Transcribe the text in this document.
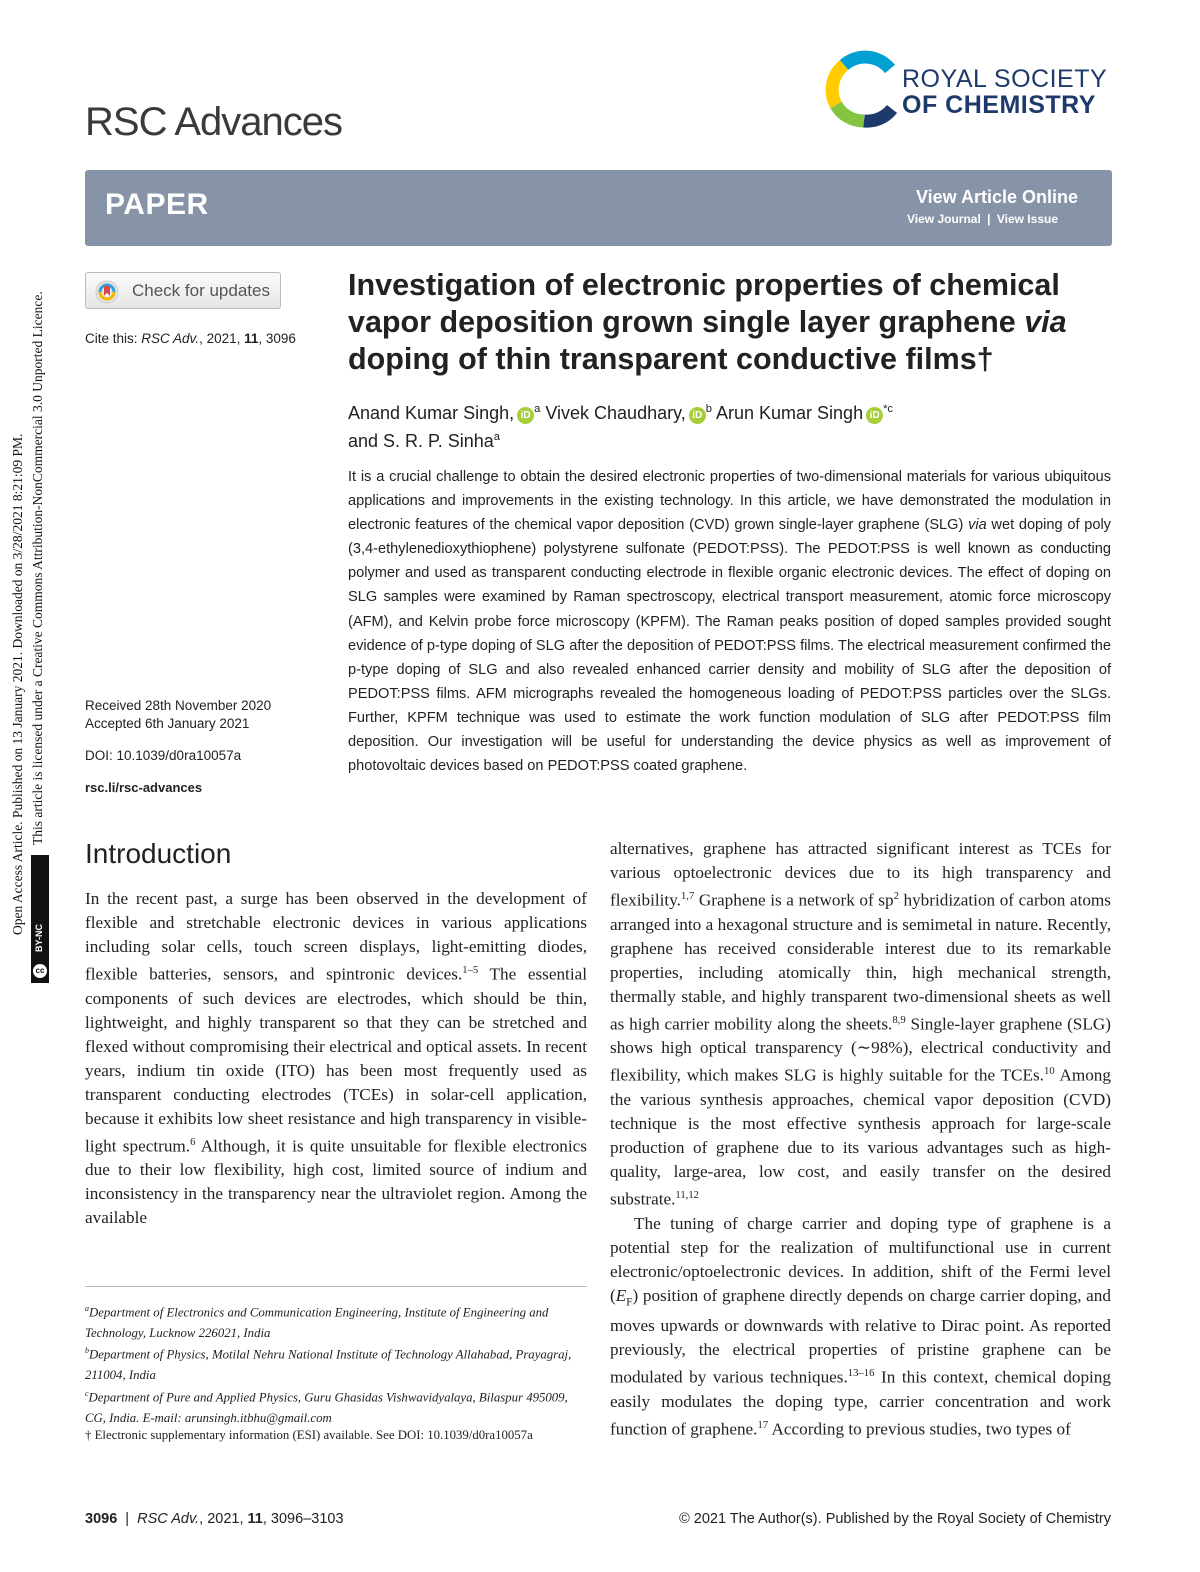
Open Access Article. Published on 13 January 2021. Downloaded on 3/28/2021 8:21:09 PM. This article is licensed under a Creative Commons Attribution-NonCommercial 3.0 Unported Licence.
cc
BY-NC
RSC Advances
ROYAL SOCIETY
OF CHEMISTRY
PAPER	View Article Online
View Journal | View Issue
Check for updates
Cite this: RSC Adv., 2021, 11, 3096
Received 28th November 2020
Accepted 6th January 2021
DOI: 10.1039/d0ra10057a
rsc.li/rsc-advances
Investigation of electronic properties of chemical vapor deposition grown single layer graphene via doping of thin transparent conductive films†
Anand Kumar Singh, $iD^a$ Vivek Chaudhary, $iD^b$ Arun Kumar Singh $iD^{*c}$
and S. R. P. Sinha$^a$
It is a crucial challenge to obtain the desired electronic properties of two-dimensional materials for various ubiquitous applications and improvements in the existing technology. In this article, we have demonstrated the modulation in electronic features of the chemical vapor deposition (CVD) grown single-layer graphene (SLG) via wet doping of poly (3,4-ethylenedioxythiophene) polystyrene sulfonate (PEDOT:PSS). The PEDOT:PSS is well known as conducting polymer and used as transparent conducting electrode in flexible organic electronic devices. The effect of doping on SLG samples were examined by Raman spectroscopy, electrical transport measurement, atomic force microscopy (AFM), and Kelvin probe force microscopy (KPFM). The Raman peaks position of doped samples provided sought evidence of p-type doping of SLG after the deposition of PEDOT:PSS films. The electrical measurement confirmed the p-type doping of SLG and also revealed enhanced carrier density and mobility of SLG after the deposition of PEDOT:PSS films. AFM micrographs revealed the homogeneous loading of PEDOT:PSS particles over the SLGs. Further, KPFM technique was used to estimate the work function modulation of SLG after PEDOT:PSS film deposition. Our investigation will be useful for understanding the device physics as well as improvement of photovoltaic devices based on PEDOT:PSS coated graphene.
Introduction

In the recent past, a surge has been observed in the development of flexible and stretchable electronic devices in various applications including solar cells, touch screen displays, light-emitting diodes, flexible batteries, sensors, and spintronic devices.$^{1-5}$ The essential components of such devices are electrodes, which should be thin, lightweight, and highly transparent so that they can be stretched and flexed without compromising their electrical and optical assets. In recent years, indium tin oxide (ITO) has been most frequently used as transparent conducting electrodes (TCEs) in solar-cell application, because it exhibits low sheet resistance and high transparency in visible-light spectrum.$^6$ Although, it is quite unsuitable for flexible electronics due to their low flexibility, high cost, limited source of indium and inconsistency in the transparency near the ultraviolet region. Among the available

alternatives, graphene has attracted significant interest as TCEs for various optoelectronic devices due to its high transparency and flexibility.$^{1,7}$ Graphene is a network of $sp^2$ hybridization of carbon atoms arranged into a hexagonal structure and is semimetal in nature. Recently, graphene has received considerable interest due to its remarkable properties, including atomically thin, high mechanical strength, thermally stable, and highly transparent two-dimensional sheets as well as high carrier mobility along the sheets.$^{8,9}$ Single-layer graphene (SLG) shows high optical transparency (∼98%), electrical conductivity and flexibility, which makes SLG is highly suitable for the TCEs.$^{10}$ Among the various synthesis approaches, chemical vapor deposition (CVD) technique is the most effective synthesis approach for large-scale production of graphene due to its various advantages such as high-quality, large-area, low cost, and easily transfer on the desired substrate.$^{11,12}$

The tuning of charge carrier and doping type of graphene is a potential step for the realization of multifunctional use in current electronic/optoelectronic devices. In addition, shift of the Fermi level $(E_F)$ position of graphene directly depends on charge carrier doping, and moves upwards or downwards with relative to Dirac point. As reported previously, the electrical properties of pristine graphene can be modulated by various techniques.$^{13-16}$ In this context, chemical doping easily modulates the doping type, carrier concentration and work function of graphene.$^{17}$ According to previous studies, two types of

$^a$Department of Electronics and Communication Engineering, Institute of Engineering and Technology, Lucknow 226021, India
$^b$Department of Physics, Motilal Nehru National Institute of Technology Allahabad, Prayagraj, 211004, India
$^c$Department of Pure and Applied Physics, Guru Ghasidas Vishwavidyalaya, Bilaspur 495009, CG, India. E-mail: arunsingh.itbhu@gmail.com
† Electronic supplementary information (ESI) available. See DOI: 10.1039/d0ra10057a
3096 | RSC Adv., 2021, 11, 3096–3103	© 2021 The Author(s). Published by the Royal Society of Chemistry
